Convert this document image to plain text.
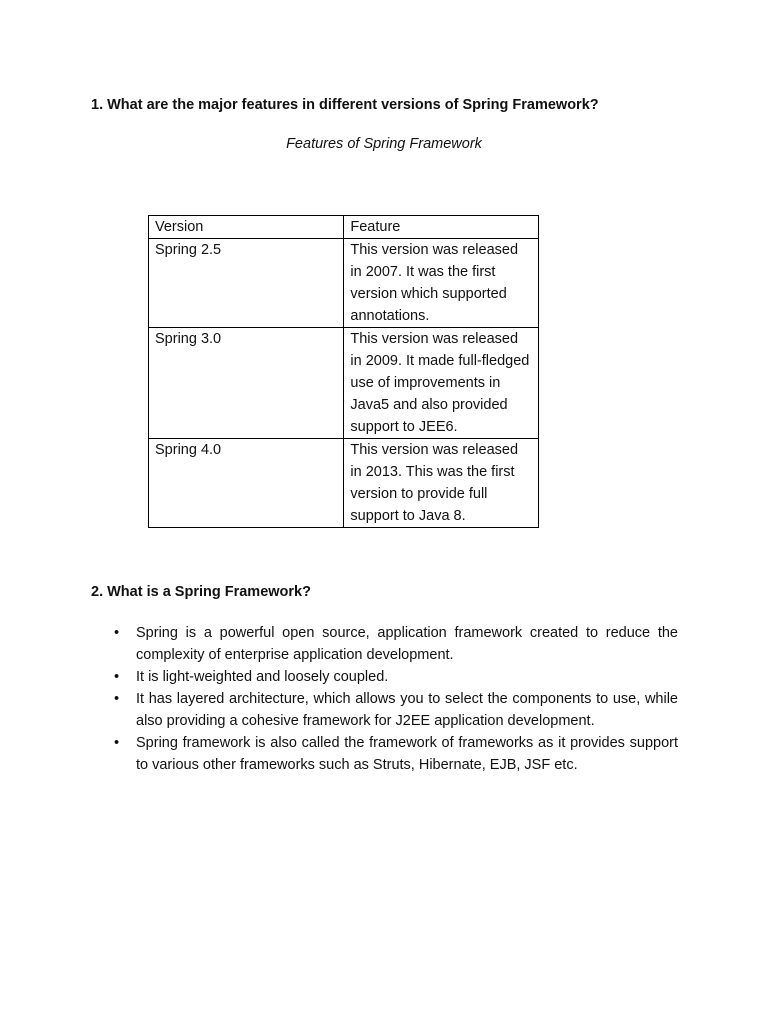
1. What are the major features in different versions of Spring Framework?
Features of Spring Framework
Version	Feature
Spring 2.5	This version was released in 2007. It was the first version which supported annotations.
Spring 3.0	This version was released in 2009. It made full-fledged use of improvements in Java5 and also provided support to JEE6.
Spring 4.0	This version was released in 2013. This was the first version to provide full support to Java 8.
2. What is a Spring Framework?
• Spring is a powerful open source, application framework created to reduce the complexity of enterprise application development.
• It is light-weighted and loosely coupled.
• It has layered architecture, which allows you to select the components to use, while also providing a cohesive framework for J2EE application development.
• Spring framework is also called the framework of frameworks as it provides support to various other frameworks such as Struts, Hibernate, EJB, JSF etc.
